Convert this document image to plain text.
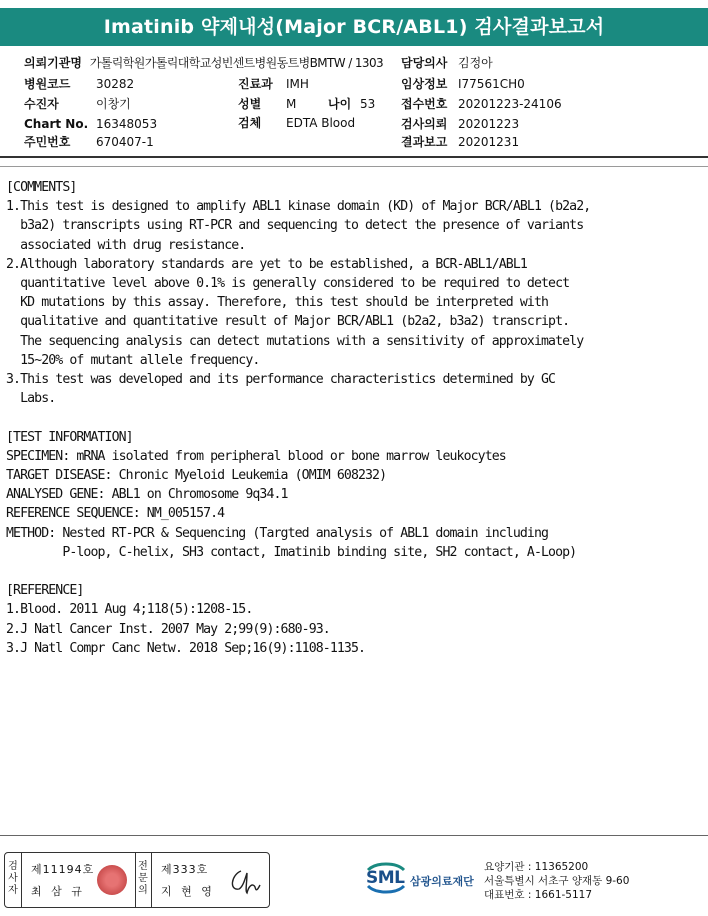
Imatinib 약제내성(Major BCR/ABL1) 검사결과보고서
의뢰기관명 가톨릭학원가톨릭대학교성빈센트병원동트병BMTW / 1303
병원코드 30282
수진자	이창기
Chart No. 16348053
주민번호 670407-1
진료과 IMH
성별 M	나이 53
검체 EDTA Blood
담당의사 김정아
임상정보 I77561CH0
접수번호 20201223-24106
검사의뢰 20201223
결과보고 20201231
[COMMENTS]
1.This test is designed to amplify ABL1 kinase domain (KD) of Major BCR/ABL1 (b2a2,
b3a2) transcripts using RT-PCR and sequencing to detect the presence of variants
associated with drug resistance.
2.Although laboratory standards are yet to be established, a BCR-ABL1/ABL1
quantitative level above 0.1% is generally considered to be required to detect
KD mutations by this assay. Therefore, this test should be interpreted with
qualitative and quantitative result of Major BCR/ABL1 (b2a2, b3a2) transcript.
The sequencing analysis can detect mutations with a sensitivity of approximately
15~20% of mutant allele frequency.
3.This test was developed and its performance characteristics determined by GC
Labs.

[TEST INFORMATION]
SPECIMEN: mRNA isolated from peripheral blood or bone marrow leukocytes
TARGET DISEASE: Chronic Myeloid Leukemia (OMIM 608232)
ANALYSED GENE: ABL1 on Chromosome 9q34.1
REFERENCE SEQUENCE: NM_005157.4
METHOD: Nested RT-PCR & Sequencing (Targted analysis of ABL1 domain including
P-loop, C-helix, SH3 contact, Imatinib binding site, SH2 contact, A-Loop)

[REFERENCE]
1.Blood. 2011 Aug 4;118(5):1208-15.
2.J Natl Cancer Inst. 2007 May 2;99(9):680-93.
3.J Natl Compr Canc Netw. 2018 Sep;16(9):1108-1135.
검사자
제11194호
최 삼 규
전문의
제333호
지 현 영
SML 삼광의료재단
요양기관 : 11365200
서울특별시 서초구 양재동 9-60
대표번호 : 1661-5117
